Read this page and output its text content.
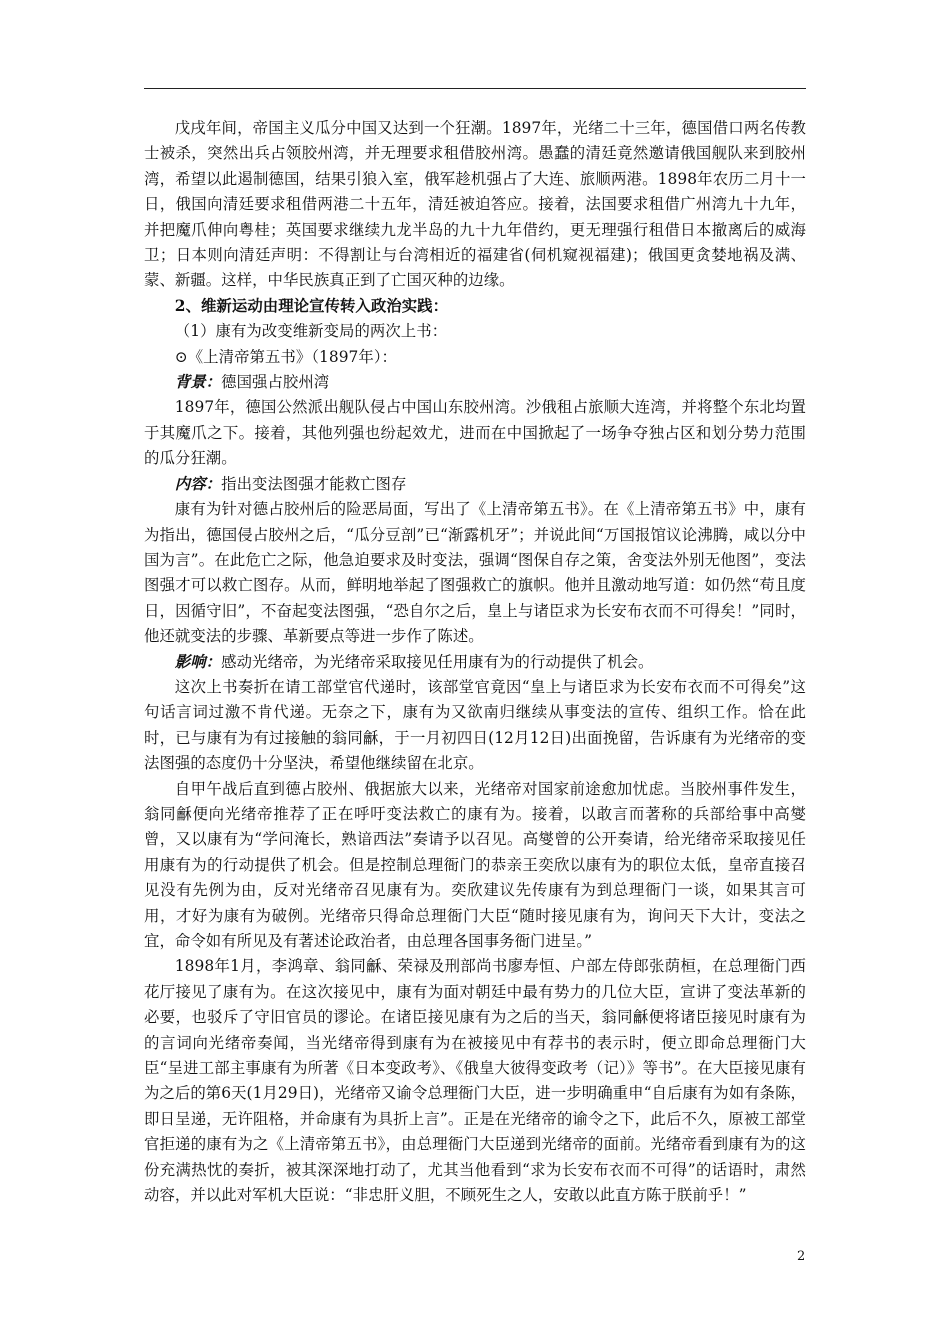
戊戌年间，帝国主义瓜分中国又达到一个狂潮。1897年，光绪二十三年，德国借口两名传教士被杀，突然出兵占领胶州湾，并无理要求租借胶州湾。愚蠢的清廷竟然邀请俄国舰队来到胶州湾，希望以此遏制德国，结果引狼入室，俄军趁机强占了大连、旅顺两港。1898年农历二月十一日，俄国向清廷要求租借两港二十五年，清廷被迫答应。接着，法国要求租借广州湾九十九年，并把魔爪伸向粤桂；英国要求继续九龙半岛的九十九年借约，更无理强行租借日本撤离后的威海卫；日本则向清廷声明：不得割让与台湾相近的福建省(伺机窥视福建)；俄国更贪婪地祸及满、蒙、新疆。这样，中华民族真正到了亡国灭种的边缘。

2、维新运动由理论宣传转入政治实践：

（1）康有为改变维新变局的两次上书：

⊙《上清帝第五书》（1897年）：

背景：德国强占胶州湾

1897年，德国公然派出舰队侵占中国山东胶州湾。沙俄租占旅顺大连湾，并将整个东北均置于其魔爪之下。接着，其他列强也纷起效尤，进而在中国掀起了一场争夺独占区和划分势力范围的瓜分狂潮。

内容：指出变法图强才能救亡图存

康有为针对德占胶州后的险恶局面，写出了《上清帝第五书》。在《上清帝第五书》中，康有为指出，德国侵占胶州之后，“瓜分豆剖”已“渐露机牙”；并说此间“万国报馆议论沸腾，咸以分中国为言”。在此危亡之际，他急迫要求及时变法，强调“图保自存之策，舍变法外别无他图”，变法图强才可以救亡图存。从而，鲜明地举起了图强救亡的旗帜。他并且激动地写道：如仍然“苟且度日，因循守旧”，不奋起变法图强，“恐自尔之后，皇上与诸臣求为长安布衣而不可得矣！”同时，他还就变法的步骤、革新要点等进一步作了陈述。

影响：感动光绪帝，为光绪帝采取接见任用康有为的行动提供了机会。

这次上书奏折在请工部堂官代递时，该部堂官竟因“皇上与诸臣求为长安布衣而不可得矣”这句话言词过激不肯代递。无奈之下，康有为又欲南归继续从事变法的宣传、组织工作。恰在此时，已与康有为有过接触的翁同龢，于一月初四日(12月12日)出面挽留，告诉康有为光绪帝的变法图强的态度仍十分坚決，希望他继续留在北京。

自甲午战后直到德占胶州、俄据旅大以来，光绪帝对国家前途愈加忧虑。当胶州事件发生，翁同龢便向光绪帝推荐了正在呼吁变法救亡的康有为。接着，以敢言而著称的兵部给事中高燮曾，又以康有为“学问淹长，熟谙西法”奏请予以召见。高燮曾的公开奏请，给光绪帝采取接见任用康有为的行动提供了机会。但是控制总理衙门的恭亲王奕欣以康有为的职位太低，皇帝直接召见没有先例为由，反对光绪帝召见康有为。奕欣建议先传康有为到总理衙门一谈，如果其言可用，才好为康有为破例。光绪帝只得命总理衙门大臣“随时接见康有为，询问天下大计，变法之宜，命令如有所见及有著述论政治者，由总理各国事务衙门进呈。”

1898年1月，李鸿章、翁同龢、荣禄及刑部尚书廖寿恒、户部左侍郎张荫桓，在总理衙门西花厅接见了康有为。在这次接见中，康有为面对朝廷中最有势力的几位大臣，宣讲了变法革新的必要，也驳斥了守旧官员的谬论。在诸臣接见康有为之后的当天，翁同龢便将诸臣接见时康有为的言词向光绪帝奏闻，当光绪帝得到康有为在被接见中有荐书的表示时，便立即命总理衙门大臣“呈进工部主事康有为所著《日本变政考》、《俄皇大彼得变政考（记）》等书”。在大臣接见康有为之后的第6天(1月29日)，光绪帝又谕令总理衙门大臣，进一步明确重申“自后康有为如有条陈，即日呈递，无许阻格，并命康有为具折上言”。正是在光绪帝的谕令之下，此后不久，原被工部堂官拒递的康有为之《上清帝第五书》，由总理衙门大臣递到光绪帝的面前。光绪帝看到康有为的这份充满热忱的奏折，被其深深地打动了，尤其当他看到“求为长安布衣而不可得”的话语时，肃然动容，并以此对军机大臣说：“非忠肝义胆，不顾死生之人，安敢以此直方陈于朕前乎！”

2
